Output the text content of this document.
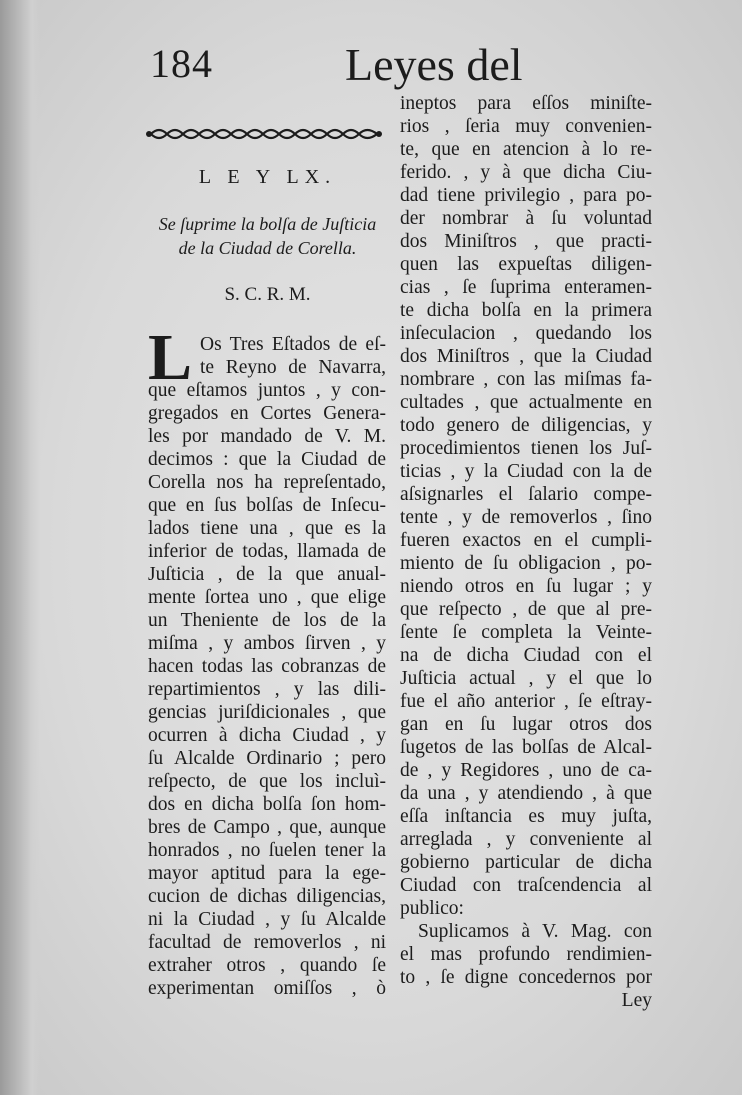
184	Leyes del
L E Y LX.
Se ſuprime la bolſa de Juſticia
de la Ciudad de Corella.
S. C. R. M.
L Os Tres Eſtados de eſ-
te Reyno de Navarra,
que eſtamos juntos , y con-
gregados en Cortes Genera-
les por mandado de V. M.
decimos : que la Ciudad de
Corella nos ha repreſentado,
que en ſus bolſas de Inſecu-
lados tiene una , que es la
inferior de todas, llamada de
Juſticia , de la que anual-
mente ſortea uno , que elige
un Theniente de los de la
miſma , y ambos ſirven , y
hacen todas las cobranzas de
repartimientos , y las dili-
gencias juriſdicionales , que
ocurren à dicha Ciudad , y
ſu Alcalde Ordinario ; pero
reſpecto, de que los incluì-
dos en dicha bolſa ſon hom-
bres de Campo , que, aunque
honrados , no ſuelen tener la
mayor aptitud para la ege-
cucion de dichas diligencias,
ni la Ciudad , y ſu Alcalde
facultad de removerlos , ni
extraher otros , quando ſe
experimentan omiſſos , ò
ineptos para eſſos miniſte-
rios , ſeria muy convenien-
te, que en atencion à lo re-
ferido. , y à que dicha Ciu-
dad tiene privilegio , para po-
der nombrar à ſu voluntad
dos Miniſtros , que practi-
quen las expueſtas diligen-
cias , ſe ſuprima enteramen-
te dicha bolſa en la primera
inſeculacion , quedando los
dos Miniſtros , que la Ciudad
nombrare , con las miſmas fa-
cultades , que actualmente en
todo genero de diligencias, y
procedimientos tienen los Juſ-
ticias , y la Ciudad con la de
aſsignarles el ſalario compe-
tente , y de removerlos , ſino
fueren exactos en el cumpli-
miento de ſu obligacion , po-
niendo otros en ſu lugar ; y
que reſpecto , de que al pre-
ſente ſe completa la Veinte-
na de dicha Ciudad con el
Juſticia actual , y el que lo
fue el año anterior , ſe eſtray-
gan en ſu lugar otros dos
ſugetos de las bolſas de Alcal-
de , y Regidores , uno de ca-
da una , y atendiendo , à que
eſſa inſtancia es muy juſta,
arreglada , y conveniente al
gobierno particular de dicha
Ciudad con traſcendencia al
publico:
Suplicamos à V. Mag. con
el mas profundo rendimien-
to , ſe digne concedernos por
Ley
